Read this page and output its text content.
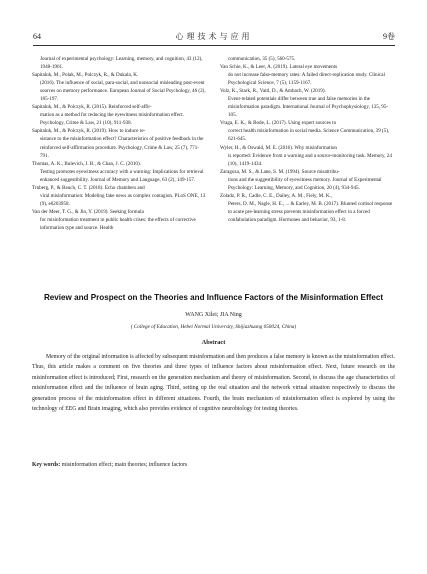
64	心理技术与应用	9卷

Journal of experimental psychology: Learning, memory, and cognition, 43 (12), 1948-1961.

Sapitaluk, M., Polak, M., Polczyk, R., & Dukala, K.
(2016). The influence of social, para-social, and nonsocial misleading post-event sources on memory performance. European Journal of Social Psychology, 46 (2), 185-197.

Sapitaluk, M., & Polczyk, R. (2015). Reinforced self-affir-
mation as a method for reducing the eyewitness misinformation effect. Psychology, Crime & Law, 21 (10), 911-938.

Sapitaluk, M., & Polczyk, R. (2019). How to induce re-
sistance to the misinformation effect? Characteristics of positive feedback in the reinforced self-affirmation procedure. Psychology, Crime & Law, 25 (7), 771-791.

Thomas, A. K., Bulevich, J. B., & Chan, J. C. (2010).
Testing promotes eyewitness accuracy with a warning: Implications for retrieval enhanced suggestibility. Journal of Memory and Language, 63 (2), 149-157.

Trnberg, P., & Bauch, C. T. (2018). Echo chambers and
viral misinformation: Modeling fake news as complex contagion. PLoS ONE, 13 (9), e0203958.

Van der Meer, T. G., & Jin, Y. (2019). Seeking formula
for misinformation treatment in public health crises: the effects of corrective information type and source. Health

communication, 35 (5), 560-575.

Van Schie, K., & Leer, A. (2019). Lateral eye movements
do not increase false-memory rates: A failed direct-replication study. Clinical Psychological Science, 7 (5), 1159-1167.

Volz, K., Stark, R., Vaitl, D., & Ambach, W. (2019).
Event-related potentials differ between true and false memories in the misinformation paradigm. International Journal of Psychophysiology, 135, 95-105.

Vraga, E. K., & Bode, L. (2017). Using expert sources to
correct health misinformation in social media. Science Communication, 39 (5), 621-645.

Wyler, H., & Oswald, M. E. (2016). Why misinformation
is reported: Evidence from a warning and a source-monitoring task. Memory, 24 (10), 1419-1434.

Zaragoza, M. S., & Lane, S. M. (1994). Source misattribu-
tions and the suggestibility of eyewitness memory. Journal of Experimental Psychology: Learning, Memory, and Cognition, 20 (4), 934-945.

Zoladz, P. R., Cadle, C. E., Dailey, A. M., Fiely, M. K.,
Peters, D. M., Nagle, H. E., ... & Earley, M. B. (2017). Blunted cortisol response to acute pre-learning stress prevents misinformation effect in a forced confabulation paradigm. Hormones and behavior, 93, 1-8.

Review and Prospect on the Theories and Influence Factors of the Misinformation Effect
WANG Xilei; JIA Ning
( College of Education, Hebei Normal University, Shijiazhuang 050024, China)
Abstract

Memory of the original information is affected by subsequent misinformation and then produces a false memory is known as the misinformation effect. Thus, this article makes a comment on five theories and three types of influence factors about misinformation effect. Next, future research on the misinformation effect is introduced; First, research on the generation mechanism and theory of misinformation. Second, to discuss the age characteristics of misinformation effect and the influence of brain aging. Third, setting up the real situation and the network virtual situation respectively to discuss the generation process of the misinformation effect in different situations. Fourth, the brain mechanism of misinformation effect is explored by using the technology of EEG and Brain imaging, which also provides evidence of cognitive neurobiology for testing theories.

Key words: misinformation effect; main theories; influence factors
